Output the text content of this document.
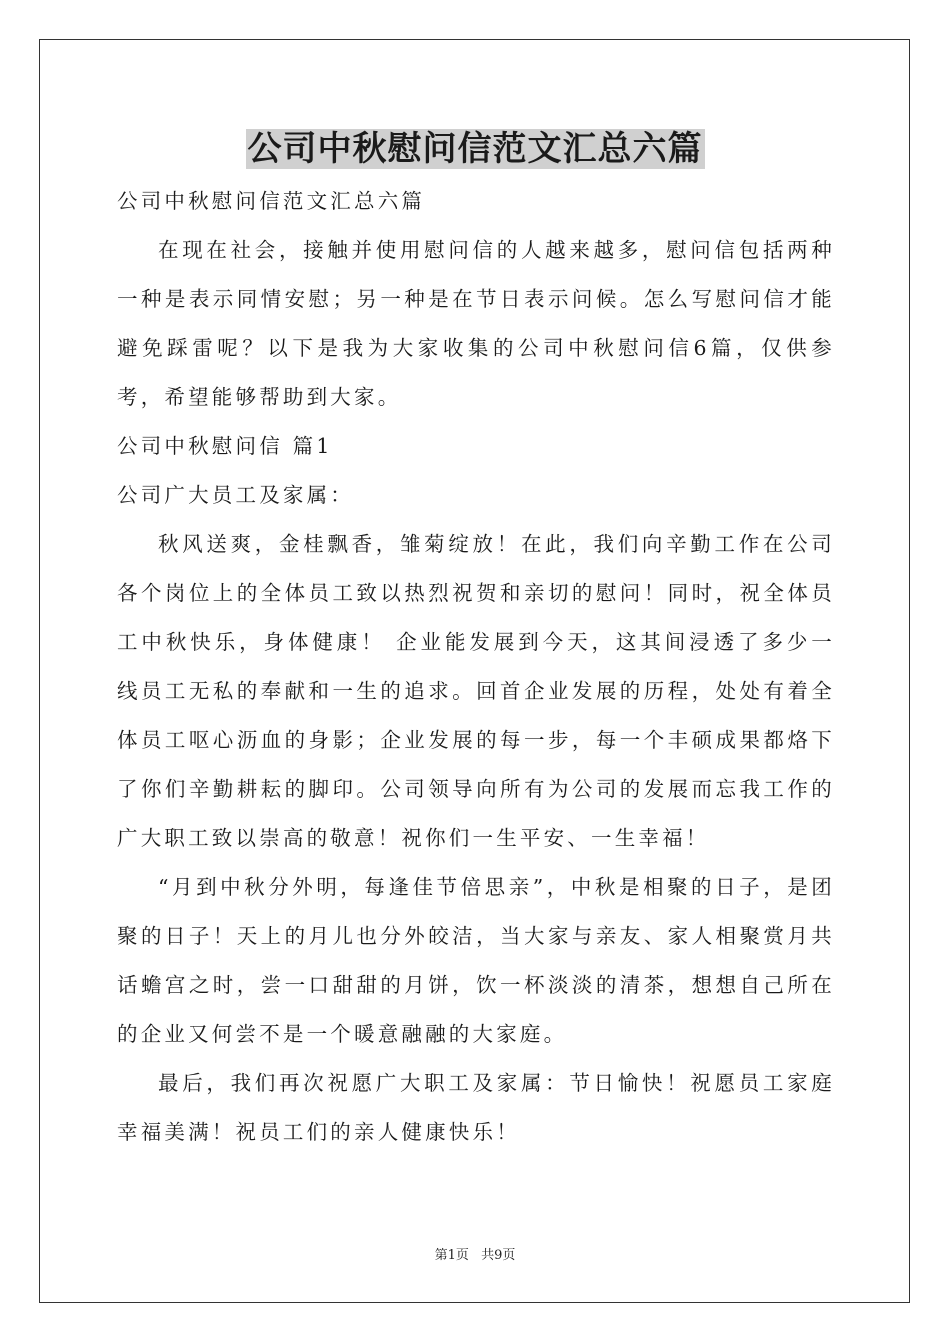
公司中秋慰问信范文汇总六篇

公司中秋慰问信范文汇总六篇

在现在社会，接触并使用慰问信的人越来越多，慰问信包括两种一种是表示同情安慰；另一种是在节日表示问候。怎么写慰问信才能避免踩雷呢？以下是我为大家收集的公司中秋慰问信6篇，仅供参考，希望能够帮助到大家。

公司中秋慰问信 篇1

公司广大员工及家属：

秋风送爽，金桂飘香，雏菊绽放！在此，我们向辛勤工作在公司各个岗位上的全体员工致以热烈祝贺和亲切的慰问！同时，祝全体员工中秋快乐，身体健康！ 企业能发展到今天，这其间浸透了多少一线员工无私的奉献和一生的追求。回首企业发展的历程，处处有着全体员工呕心沥血的身影；企业发展的每一步，每一个丰硕成果都烙下了你们辛勤耕耘的脚印。公司领导向所有为公司的发展而忘我工作的广大职工致以崇高的敬意！祝你们一生平安、一生幸福！

“月到中秋分外明，每逢佳节倍思亲”，中秋是相聚的日子，是团聚的日子！天上的月儿也分外皎洁，当大家与亲友、家人相聚赏月共话蟾宫之时，尝一口甜甜的月饼，饮一杯淡淡的清茶，想想自己所在的企业又何尝不是一个暖意融融的大家庭。

最后，我们再次祝愿广大职工及家属：节日愉快！祝愿员工家庭幸福美满！祝员工们的亲人健康快乐！

第1页 共9页
